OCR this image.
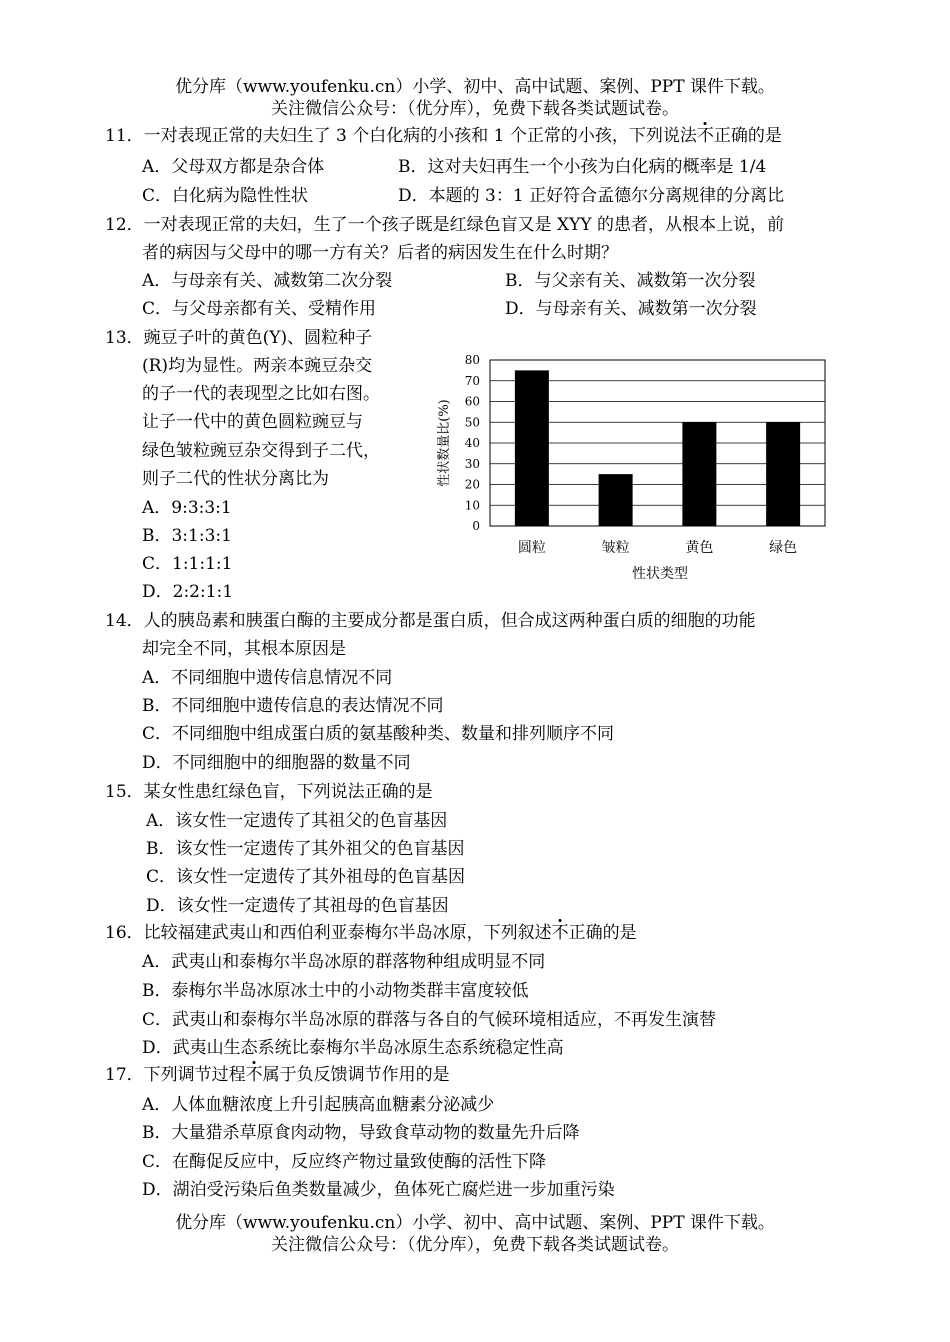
优分库（www.youfenku.cn）小学、初中、高中试题、案例、PPT 课件下载。
关注微信公众号：（优分库），免费下载各类试题试卷。
11．一对表现正常的夫妇生了 3 个白化病的小孩和 1 个正常的小孩，下列说法不正确的是
A．父母双方都是杂合体	B．这对夫妇再生一个小孩为白化病的概率是 1/4
C．白化病为隐性性状	D．本题的 3：1 正好符合孟德尔分离规律的分离比
12．一对表现正常的夫妇，生了一个孩子既是红绿色盲又是 XYY 的患者，从根本上说，前
者的病因与父母中的哪一方有关？后者的病因发生在什么时期？
A．与母亲有关、减数第二次分裂	B．与父亲有关、减数第一次分裂
C．与父母亲都有关、受精作用	D．与母亲有关、减数第一次分裂
13．豌豆子叶的黄色(Y)、圆粒种子
(R)均为显性。两亲本豌豆杂交
的子一代的表现型之比如右图。
让子一代中的黄色圆粒豌豆与
绿色皱粒豌豆杂交得到子二代，
则子二代的性状分离比为
A．9:3:3:1
B．3:1:3:1
C．1:1:1:1
D．2:2:1:1
0
10
20
30
40
50
60
70
80
圆粒	皱粒	黄色	绿色
性状类型
性状数量比(%)
14．人的胰岛素和胰蛋白酶的主要成分都是蛋白质，但合成这两种蛋白质的细胞的功能
却完全不同，其根本原因是
A．不同细胞中遗传信息情况不同
B．不同细胞中遗传信息的表达情况不同
C．不同细胞中组成蛋白质的氨基酸种类、数量和排列顺序不同
D．不同细胞中的细胞器的数量不同
15．某女性患红绿色盲，下列说法正确的是
A．该女性一定遗传了其祖父的色盲基因
B．该女性一定遗传了其外祖父的色盲基因
C．该女性一定遗传了其外祖母的色盲基因
D．该女性一定遗传了其祖母的色盲基因
16．比较福建武夷山和西伯利亚泰梅尔半岛冰原，下列叙述不正确的是
A．武夷山和泰梅尔半岛冰原的群落物种组成明显不同
B．泰梅尔半岛冰原冰土中的小动物类群丰富度较低
C．武夷山和泰梅尔半岛冰原的群落与各自的气候环境相适应，不再发生演替
D．武夷山生态系统比泰梅尔半岛冰原生态系统稳定性高
17．下列调节过程不属于负反馈调节作用的是
A．人体血糖浓度上升引起胰高血糖素分泌减少
B．大量猎杀草原食肉动物，导致食草动物的数量先升后降
C．在酶促反应中，反应终产物过量致使酶的活性下降
D．湖泊受污染后鱼类数量减少，鱼体死亡腐烂进一步加重污染
优分库（www.youfenku.cn）小学、初中、高中试题、案例、PPT 课件下载。
关注微信公众号：（优分库），免费下载各类试题试卷。
